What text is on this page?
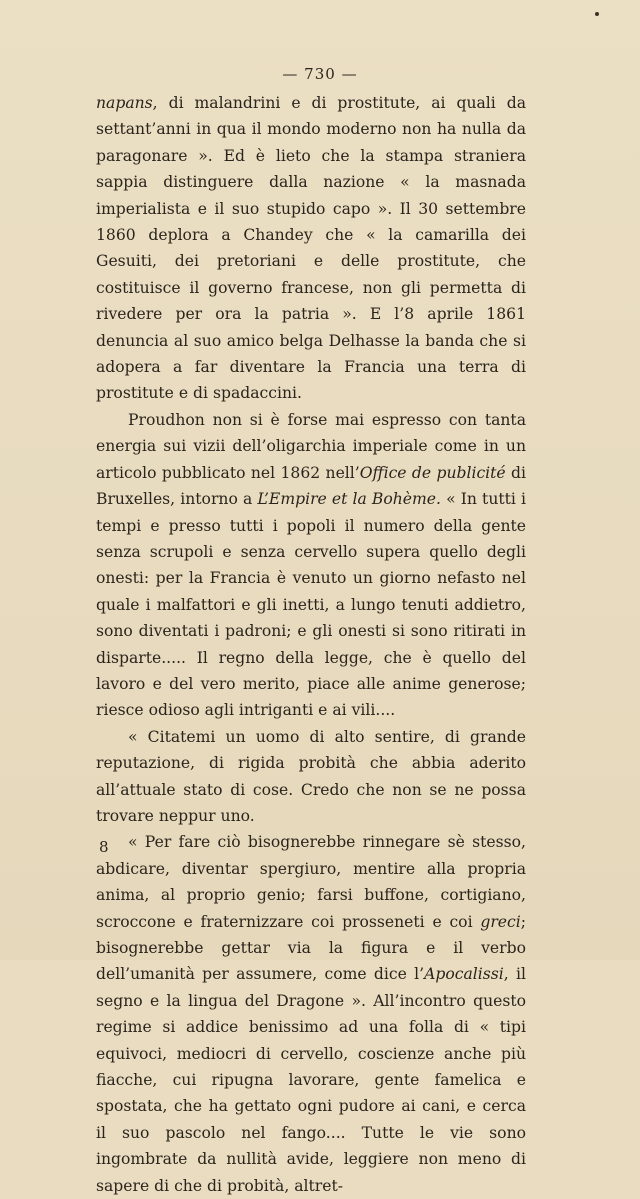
— 730 —

napans, di malandrini e di prostitute, ai quali da settant’anni in qua il mondo moderno non ha nulla da paragonare ». Ed è lieto che la stampa straniera sappia distinguere dalla nazione « la masnada imperialista e il suo stupido capo ». Il 30 settembre 1860 deplora a Chandey che « la camarilla dei Gesuiti, dei pretoriani e delle prostitute, che costituisce il governo francese, non gli permetta di rivedere per ora la patria ». E l’8 aprile 1861 denuncia al suo amico belga Delhasse la banda che si adopera a far diventare la Francia una terra di prostitute e di spadaccini.

Proudhon non si è forse mai espresso con tanta energia sui vizii dell’oligarchia imperiale come in un articolo pubblicato nel 1862 nell’Office de publicité di Bruxelles, intorno a L’Empire et la Bohème. « In tutti i tempi e presso tutti i popoli il numero della gente senza scrupoli e senza cervello supera quello degli onesti: per la Francia è venuto un giorno nefasto nel quale i malfattori e gli inetti, a lungo tenuti addietro, sono diventati i padroni; e gli onesti si sono ritirati in disparte..... Il regno della legge, che è quello del lavoro e del vero merito, piace alle anime generose; riesce odioso agli intriganti e ai vili....

« Citatemi un uomo di alto sentire, di grande reputazione, di rigida probità che abbia aderito all’attuale stato di cose. Credo che non se ne possa trovare neppur uno.

« Per fare ciò bisognerebbe rinnegare sè stesso, abdicare, diventar spergiuro, mentire alla propria anima, al proprio genio; farsi buffone, cortigiano, scroccone e fraternizzare coi prosseneti e coi greci; bisognerebbe gettar via la figura e il verbo dell’umanità per assumere, come dice l’Apocalissi, il segno e la lingua del Dragone ». All’incontro questo regime si addice benissimo ad una folla di « tipi equivoci, mediocri di cervello, coscienze anche più fiacche, cui ripugna lavorare, gente famelica e spostata, che ha gettato ogni pudore ai cani, e cerca il suo pascolo nel fango.... Tutte le vie sono ingombrate da nullità avide, leggiere non meno di sapere di che di probità, altret-

8
